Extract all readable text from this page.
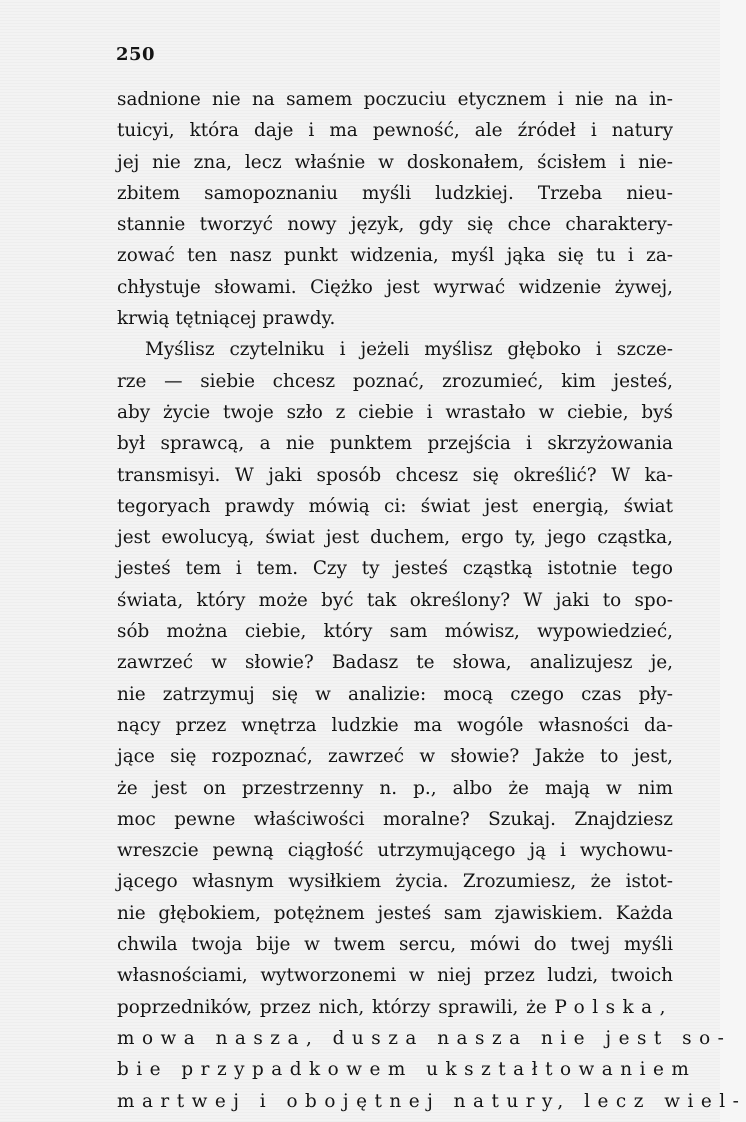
250
sadnione nie na samem poczuciu etycznem i nie na in-
tuicyi, która daje i ma pewność, ale źródeł i natury
jej nie zna, lecz właśnie w doskonałem, ścisłem i nie-
zbitem samopoznaniu myśli ludzkiej. Trzeba nieu-
stannie tworzyć nowy język, gdy się chce charaktery-
zować ten nasz punkt widzenia, myśl jąka się tu i za-
chłystuje słowami. Ciężko jest wyrwać widzenie żywej,
krwią tętniącej prawdy.
Myślisz czytelniku i jeżeli myślisz głęboko i szcze-
rze — siebie chcesz poznać, zrozumieć, kim jesteś,
aby życie twoje szło z ciebie i wrastało w ciebie, byś
był sprawcą, a nie punktem przejścia i skrzyżowania
transmisyi. W jaki sposób chcesz się określić? W ka-
tegoryach prawdy mówią ci: świat jest energią, świat
jest ewolucyą, świat jest duchem, ergo ty, jego cząstka,
jesteś tem i tem. Czy ty jesteś cząstką istotnie tego
świata, który może być tak określony? W jaki to spo-
sób można ciebie, który sam mówisz, wypowiedzieć,
zawrzeć w słowie? Badasz te słowa, analizujesz je,
nie zatrzymuj się w analizie: mocą czego czas pły-
nący przez wnętrza ludzkie ma wogóle własności da-
jące się rozpoznać, zawrzeć w słowie? Jakże to jest,
że jest on przestrzenny n. p., albo że mają w nim
moc pewne właściwości moralne? Szukaj. Znajdziesz
wreszcie pewną ciągłość utrzymującego ją i wychowu-
jącego własnym wysiłkiem życia. Zrozumiesz, że istot-
nie głębokiem, potężnem jesteś sam zjawiskiem. Każda
chwila twoja bije w twem sercu, mówi do twej myśli
własnościami, wytworzonemi w niej przez ludzi, twoich
poprzedników, przez nich, którzy sprawili, że Polska,
mowa nasza, dusza nasza nie jest so-
bie przypadkowem ukształtowaniem
martwej i obojętnej natury, lecz wiel-
